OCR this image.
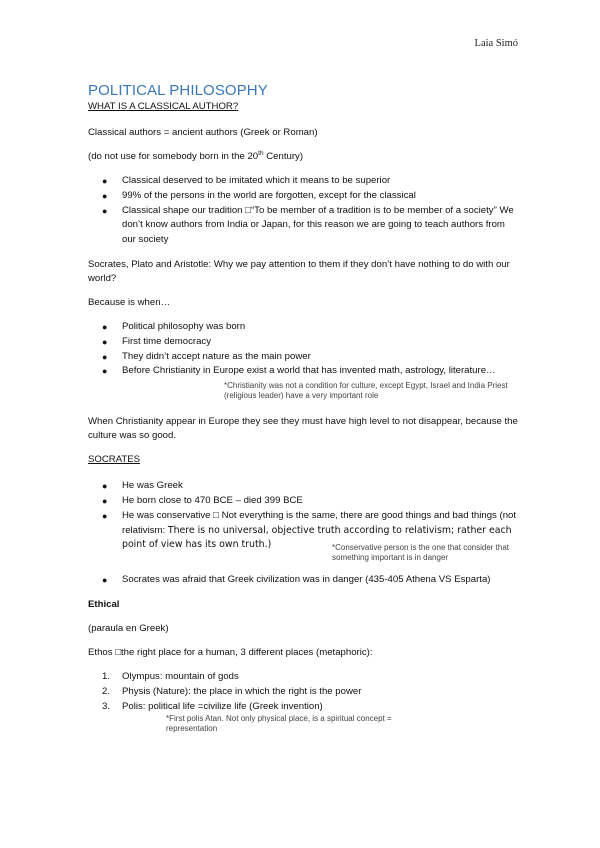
Laia Simó
POLITICAL PHILOSOPHY

WHAT IS A CLASSICAL AUTHOR?

Classical authors = ancient authors (Greek or Roman)

(do not use for somebody born in the 20th Century)

● Classical deserved to be imitated which it means to be superior
● 99% of the persons in the world are forgotten, except for the classical
● Classical shape our tradition □“To be member of a tradition is to be member of a society” We don’t know authors from India or Japan, for this reason we are going to teach authors from our society

Socrates, Plato and Aristotle: Why we pay attention to them if they don’t have nothing to do with our world?

Because is when…

● Political philosophy was born
● First time democracy
● They didn’t accept nature as the main power
● Before Christianity in Europe exist a world that has invented math, astrology, literature…
*Christianity was not a condition for culture, except Egypt, Israel and India Priest (religious leader) have a very important role

When Christianity appear in Europe they see they must have high level to not disappear, because the culture was so good.

SOCRATES

● He was Greek
● He born close to 470 BCE – died 399 BCE
● He was conservative □ Not everything is the same, there are good things and bad things (not relativism: There is no universal, objective truth according to relativism; rather each point of view has its own truth.)	*Conservative person is the one that consider that something important is in danger
● Socrates was afraid that Greek civilization was in danger (435-405 Athena VS Esparta)

Ethical

(paraula en Greek)

Ethos □the right place for a human, 3 different places (metaphoric):

1. Olympus: mountain of gods
2. Physis (Nature): the place in which the right is the power
3. Polis: political life =civilize life (Greek invention)
*First polis Atan. Not only physical place, is a spiritual concept = representation
